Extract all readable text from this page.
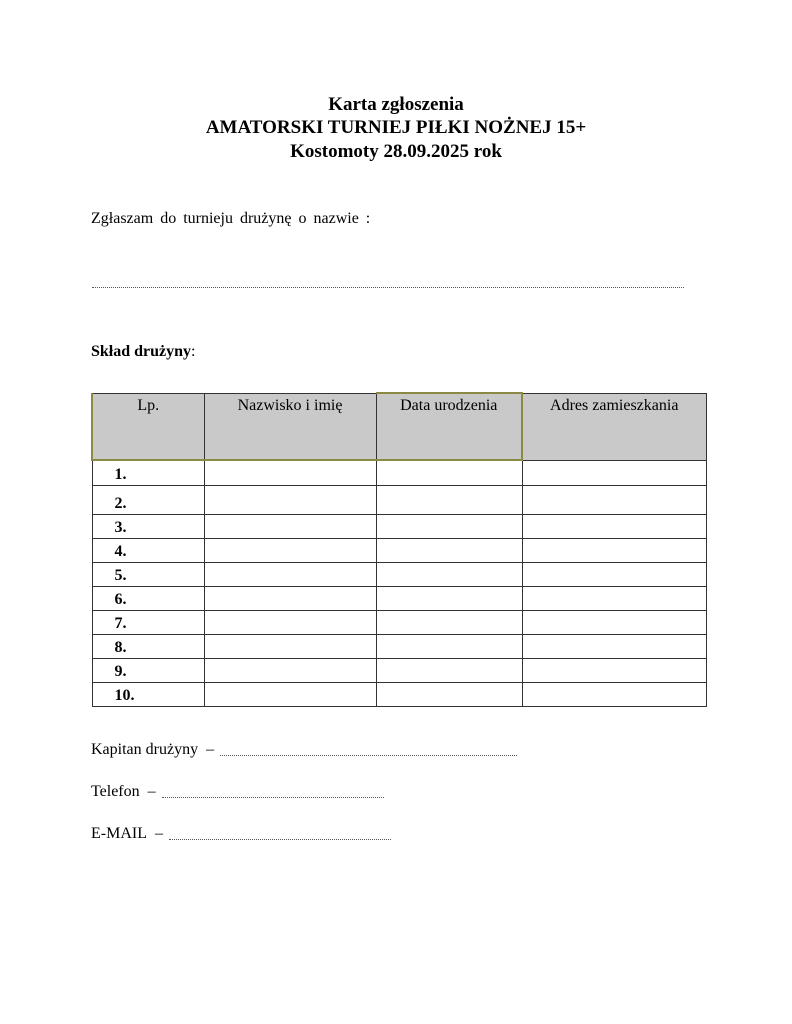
Karta zgłoszenia
AMATORSKI TURNIEJ PIŁKI NOŻNEJ 15+
Kostomoty 28.09.2025 rok
Zgłaszam do turnieju drużynę o nazwie :
Skład drużyny:
Lp.	Nazwisko i imię	Data urodzenia	Adres zamieszkania
1.			
2.			
3.			
4.			
5.			
6.			
7.			
8.			
9.			
10.			
Kapitan drużyny –
Telefon –
E-MAIL –
